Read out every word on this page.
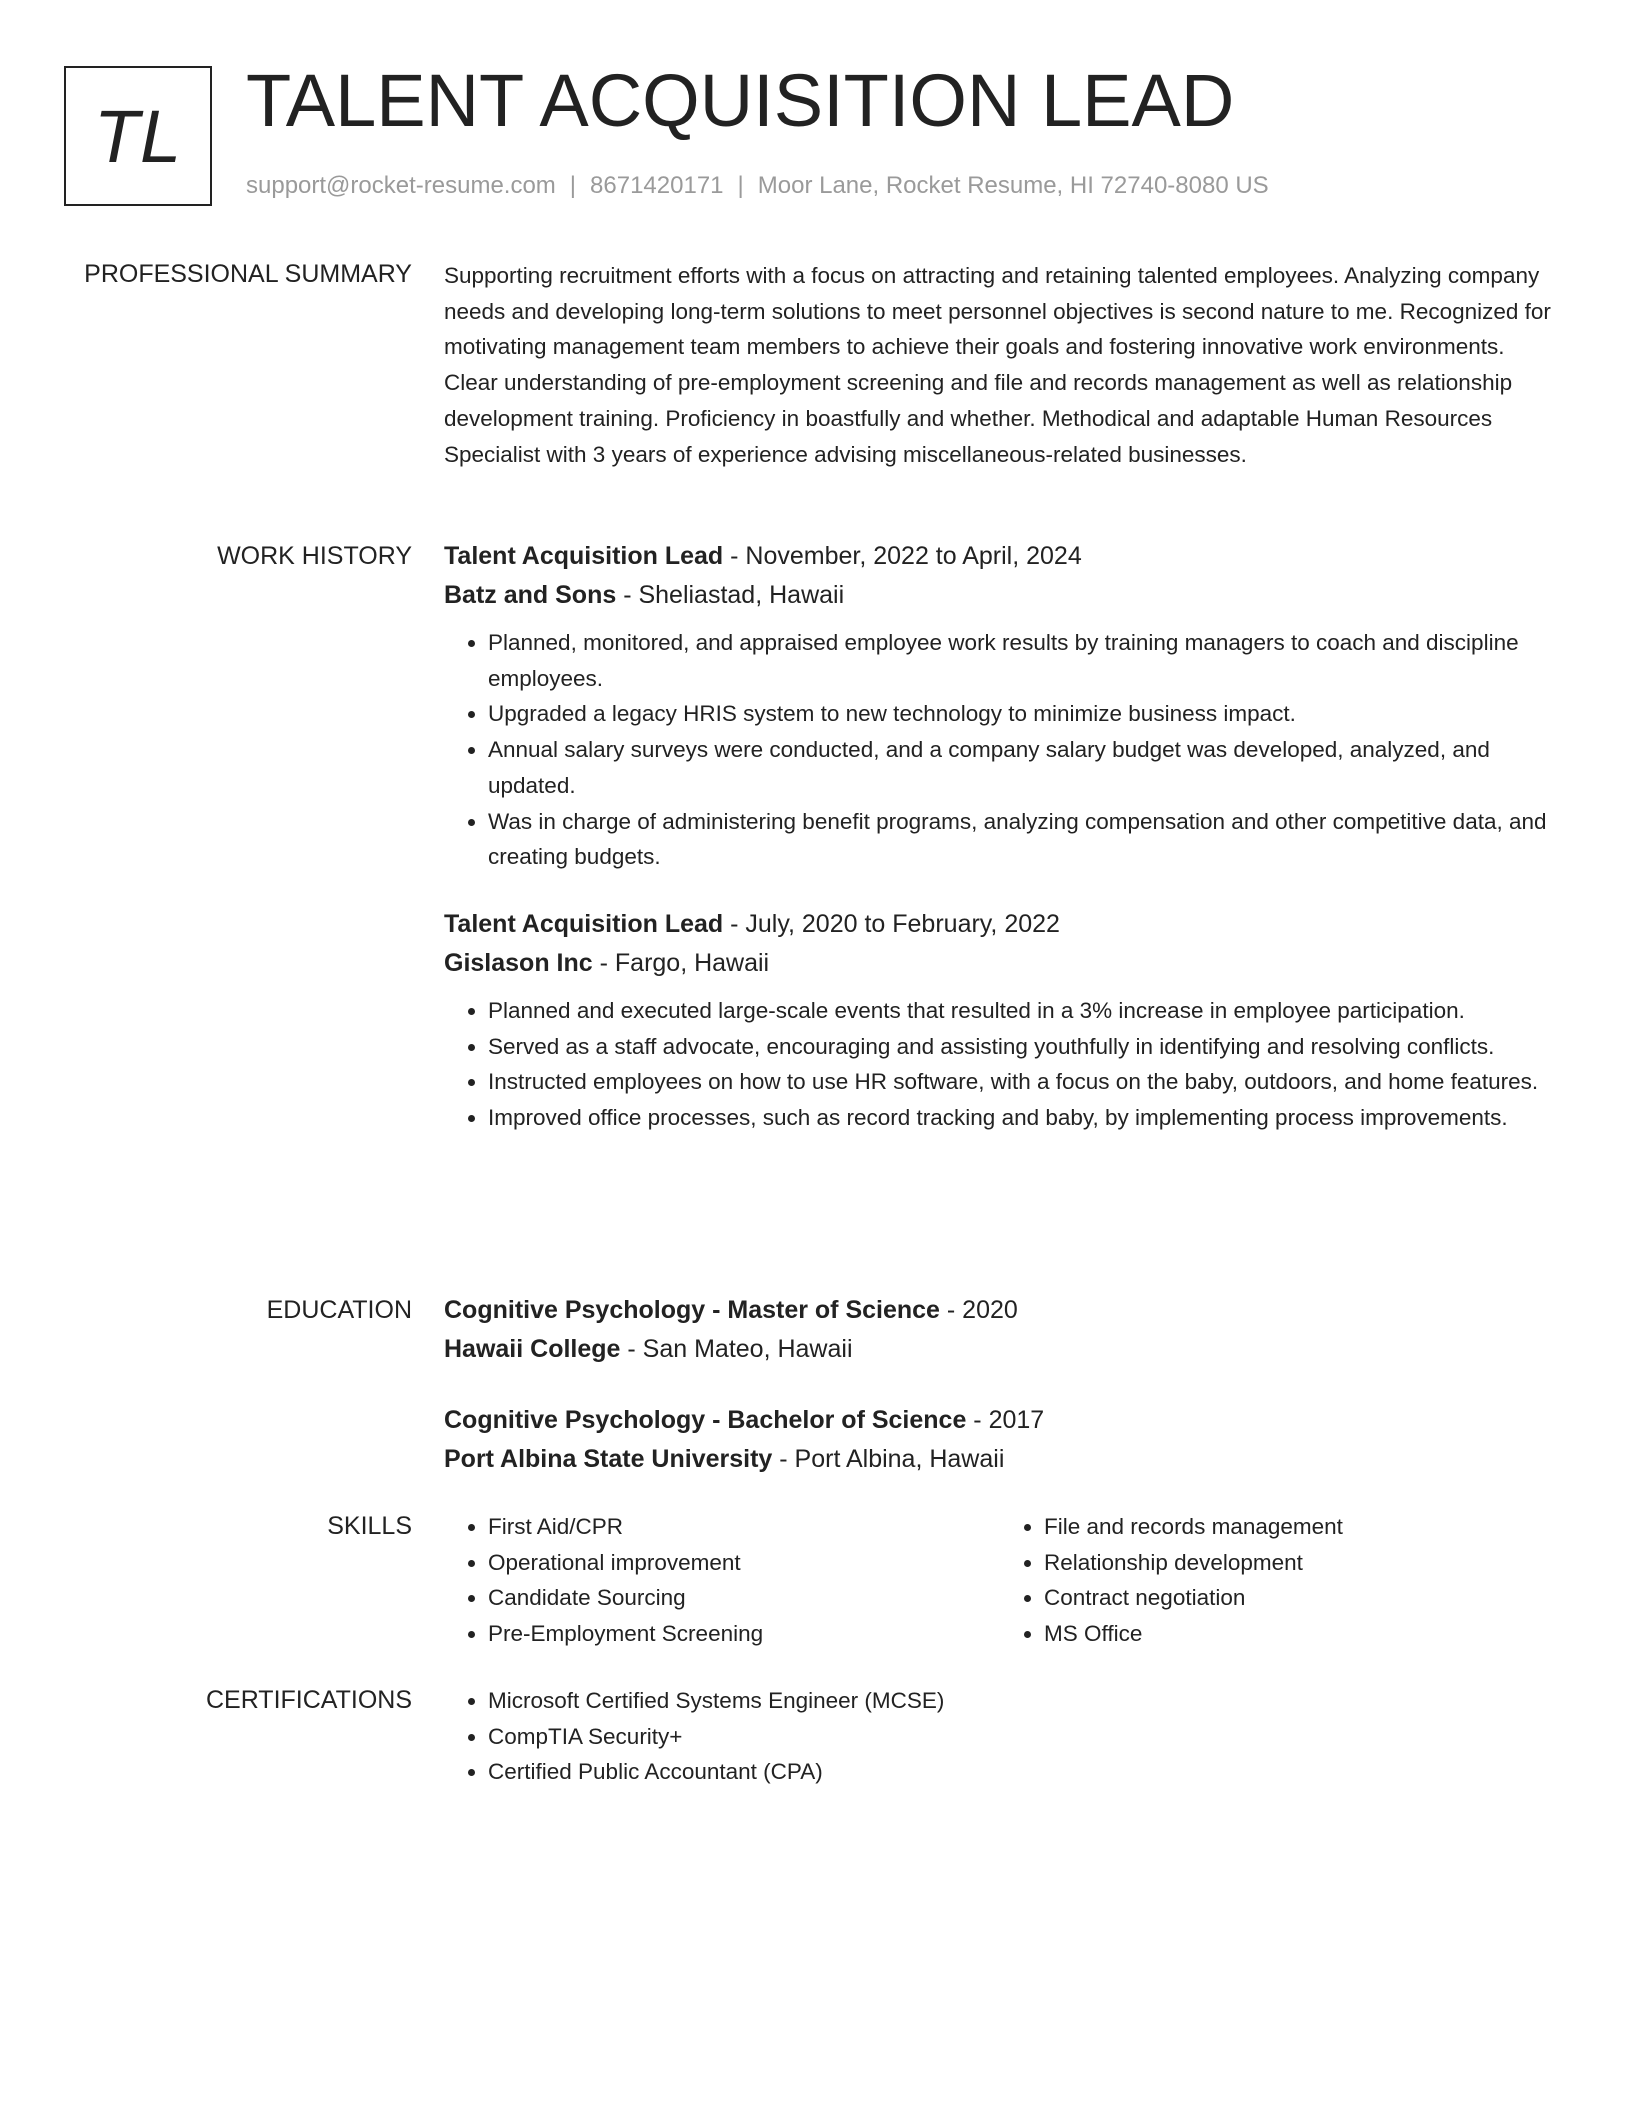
TL TALENT ACQUISITION LEAD
support@rocket-resume.com | 8671420171 | Moor Lane, Rocket Resume, HI 72740-8080 US
PROFESSIONAL SUMMARY Supporting recruitment efforts with a focus on attracting and retaining talented employees. Analyzing company needs and developing long-term solutions to meet personnel objectives is second nature to me. Recognized for motivating management team members to achieve their goals and fostering innovative work environments. Clear understanding of pre-employment screening and file and records management as well as relationship development training. Proficiency in boastfully and whether. Methodical and adaptable Human Resources Specialist with 3 years of experience advising miscellaneous-related businesses.

WORK HISTORY Talent Acquisition Lead - November, 2022 to April, 2024

Batz and Sons - Sheliastad, Hawaii

• Planned, monitored, and appraised employee work results by training managers to coach and discipline employees.
• Upgraded a legacy HRIS system to new technology to minimize business impact.
• Annual salary surveys were conducted, and a company salary budget was developed, analyzed, and updated.
• Was in charge of administering benefit programs, analyzing compensation and other competitive data, and creating budgets.

Talent Acquisition Lead - July, 2020 to February, 2022

Gislason Inc - Fargo, Hawaii

• Planned and executed large-scale events that resulted in a 3% increase in employee participation.
• Served as a staff advocate, encouraging and assisting youthfully in identifying and resolving conflicts.
• Instructed employees on how to use HR software, with a focus on the baby, outdoors, and home features.
• Improved office processes, such as record tracking and baby, by implementing process improvements.
EDUCATION Cognitive Psychology - Master of Science - 2020

Hawaii College - San Mateo, Hawaii

Cognitive Psychology - Bachelor of Science - 2017

Port Albina State University - Port Albina, Hawaii

SKILLS	• First Aid/CPR
• Operational improvement
• Candidate Sourcing
• Pre-Employment Screening
• File and records management
• Relationship development
• Contract negotiation
• MS Office
CERTIFICATIONS	• Microsoft Certified Systems Engineer (MCSE)
• CompTIA Security+
• Certified Public Accountant (CPA)
